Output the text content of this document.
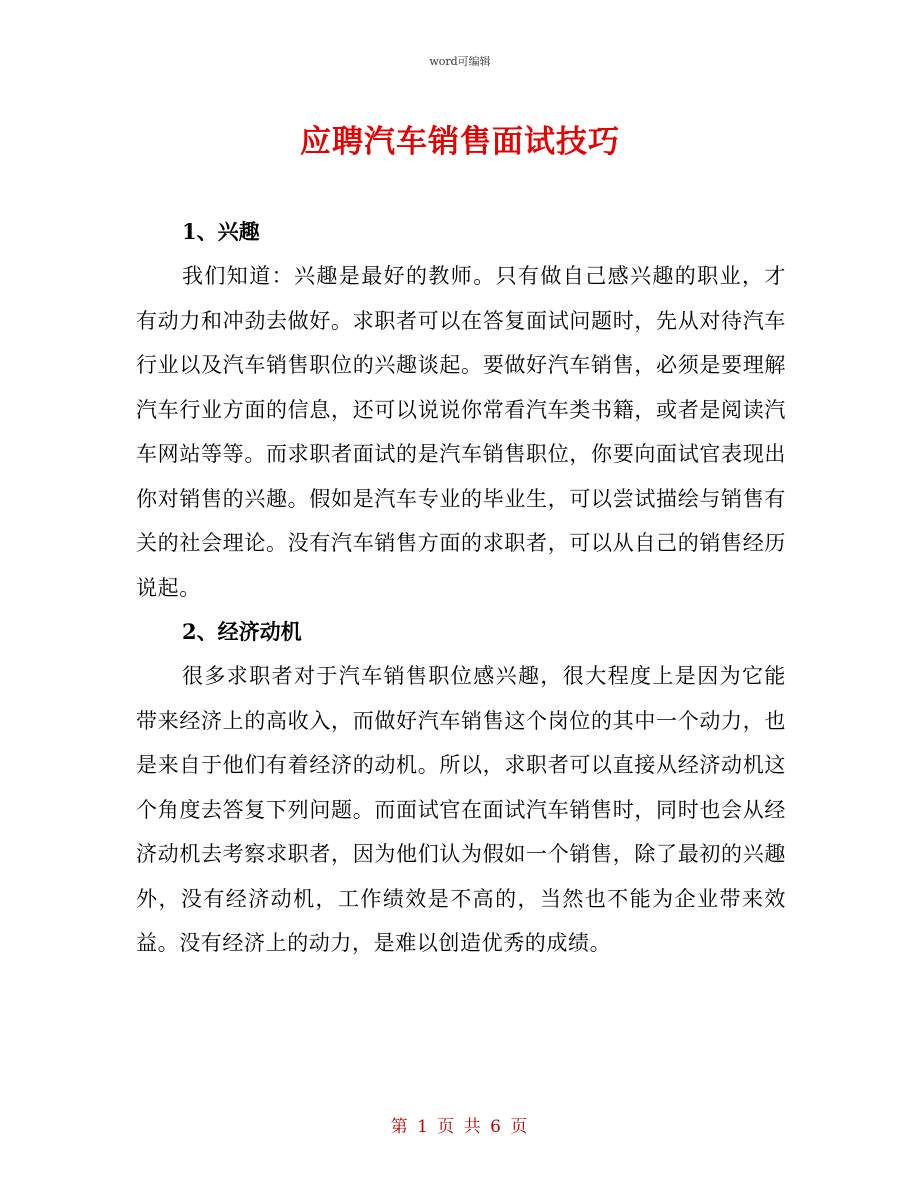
word可编辑
应聘汽车销售面试技巧
1、兴趣

我们知道：兴趣是最好的教师。只有做自己感兴趣的职业，才有动力和冲劲去做好。求职者可以在答复面试问题时，先从对待汽车行业以及汽车销售职位的兴趣谈起。要做好汽车销售，必须是要理解汽车行业方面的信息，还可以说说你常看汽车类书籍，或者是阅读汽车网站等等。而求职者面试的是汽车销售职位，你要向面试官表现出你对销售的兴趣。假如是汽车专业的毕业生，可以尝试描绘与销售有关的社会理论。没有汽车销售方面的求职者，可以从自己的销售经历说起。

2、经济动机

很多求职者对于汽车销售职位感兴趣，很大程度上是因为它能带来经济上的高收入，而做好汽车销售这个岗位的其中一个动力，也是来自于他们有着经济的动机。所以，求职者可以直接从经济动机这个角度去答复下列问题。而面试官在面试汽车销售时，同时也会从经济动机去考察求职者，因为他们认为假如一个销售，除了最初的兴趣外，没有经济动机，工作绩效是不高的，当然也不能为企业带来效益。没有经济上的动力，是难以创造优秀的成绩。

第 1 页 共 6 页
